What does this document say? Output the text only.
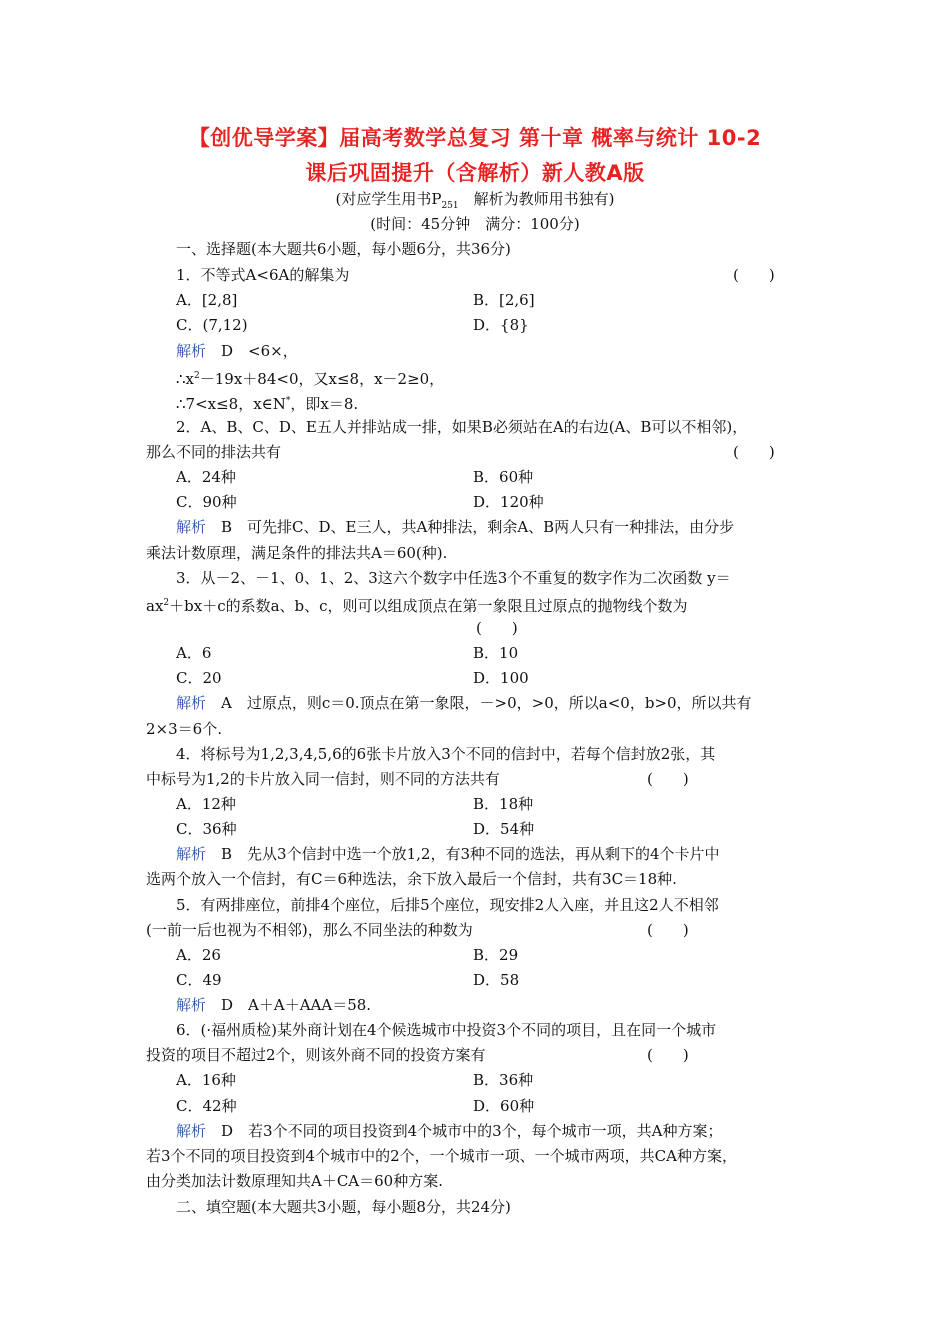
【创优导学案】届高考数学总复习 第十章 概率与统计 10-2
课后巩固提升（含解析）新人教A版
(对应学生用书$P_{251}$　解析为教师用书独有)
(时间：45分钟　满分：100分)
一、选择题(本大题共6小题，每小题6分，共36分)
1．不等式A<6A的解集为	(　　)
A．[2,8]	B．[2,6]
C．(7,12)	D．{8}
解析　D　<6×，
$\therefore x^2-19x+84<0$，又x≤8，x－2≥0，
∴7<x≤8，x∈N*，即x＝8.
2．A、B、C、D、E五人并排站成一排，如果B必须站在A的右边(A、B可以不相邻)，
那么不同的排法共有	(　　)
A．24种	B．60种
C．90种	D．120种
解析　B　可先排C、D、E三人，共A种排法，剩余A、B两人只有一种排法，由分步
乘法计数原理，满足条件的排法共A＝60(种).
3．从－2、－1、0、1、2、3这六个数字中任选3个不重复的数字作为二次函数 y＝
$ax^2+bx+c$的系数a、b、c，则可以组成顶点在第一象限且过原点的抛物线个数为
(　　)
A．6	B．10
C．20	D．100
解析　A　过原点，则c＝0.顶点在第一象限，－>0，>0，所以a<0，b>0，所以共有
2×3＝6个.
4．将标号为1,2,3,4,5,6的6张卡片放入3个不同的信封中，若每个信封放2张，其
中标号为1,2的卡片放入同一信封，则不同的方法共有	(　　)
A．12种	B．18种
C．36种	D．54种
解析　B　先从3个信封中选一个放1,2，有3种不同的选法，再从剩下的4个卡片中
选两个放入一个信封，有C＝6种选法，余下放入最后一个信封，共有3C＝18种.
5．有两排座位，前排4个座位，后排5个座位，现安排2人入座，并且这2人不相邻
(一前一后也视为不相邻)，那么不同坐法的种数为	(　　)
A．26	B．29
C．49	D．58
解析　D　A＋A＋AAA＝58.
6．(·福州质检)某外商计划在4个候选城市中投资3个不同的项目，且在同一个城市
投资的项目不超过2个，则该外商不同的投资方案有	(　　)
A．16种	B．36种
C．42种	D．60种
解析　D　若3个不同的项目投资到4个城市中的3个，每个城市一项，共A种方案；
若3个不同的项目投资到4个城市中的2个，一个城市一项、一个城市两项，共CA种方案，
由分类加法计数原理知共A＋CA＝60种方案.
二、填空题(本大题共3小题，每小题8分，共24分)
